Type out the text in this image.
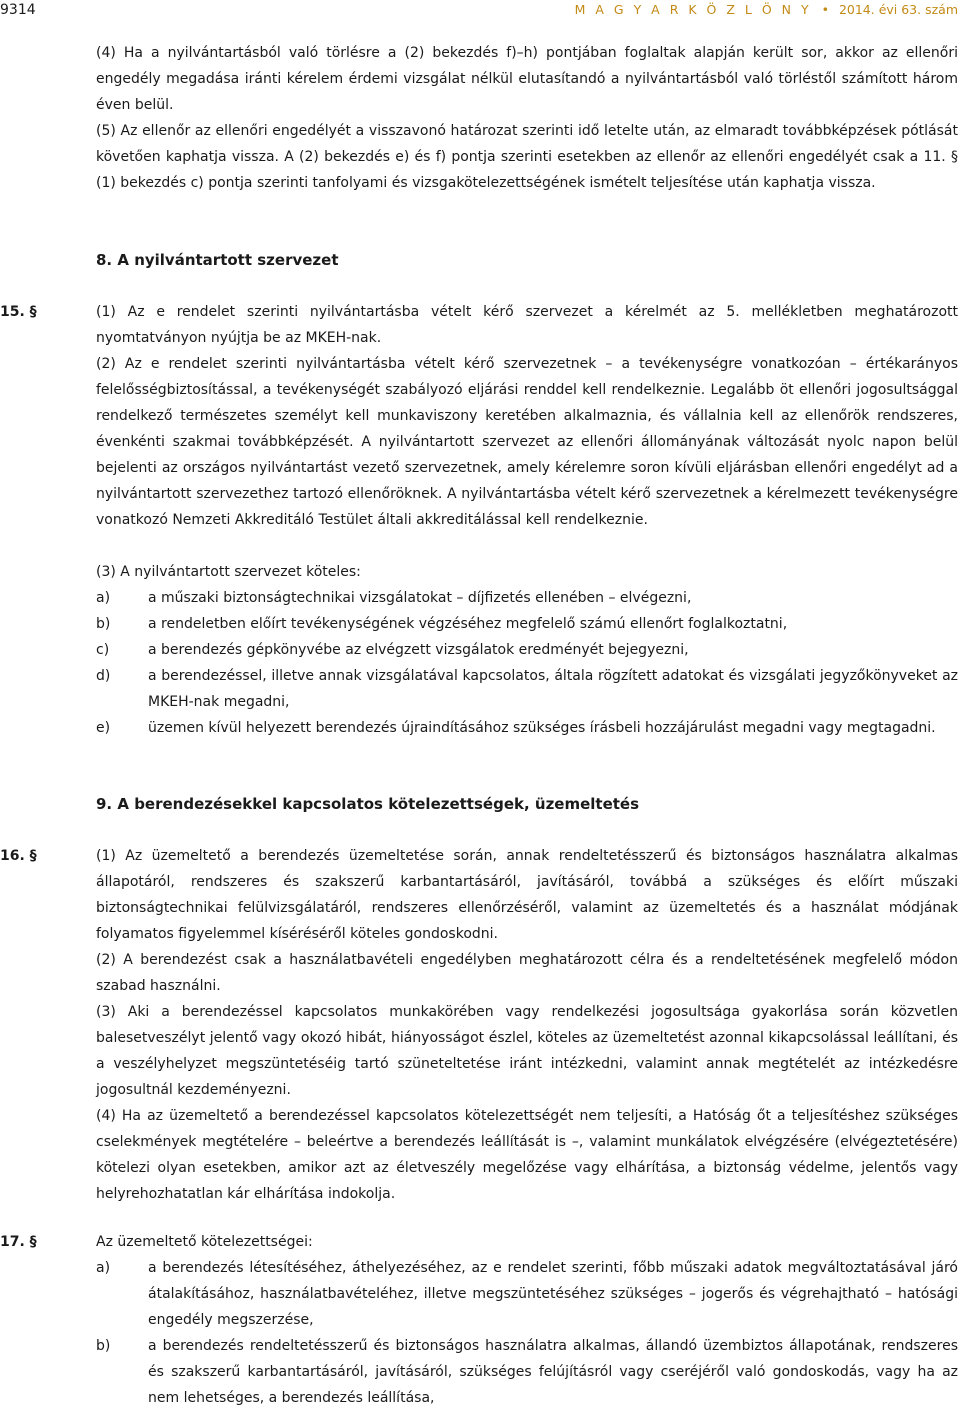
9314	M A G Y A R K Ö Z L Ö N Y • 2014. évi 63. szám

(4) Ha a nyilvántartásból való törlésre a (2) bekezdés f)–h) pontjában foglaltak alapján került sor, akkor az ellenőri engedély megadása iránti kérelem érdemi vizsgálat nélkül elutasítandó a nyilvántartásból való törléstől számított három éven belül.

(5) Az ellenőr az ellenőri engedélyét a visszavonó határozat szerinti idő letelte után, az elmaradt továbbképzések pótlását követően kaphatja vissza. A (2) bekezdés e) és f) pontja szerinti esetekben az ellenőr az ellenőri engedélyét csak a 11. § (1) bekezdés c) pontja szerinti tanfolyami és vizsgakötelezettségének ismételt teljesítése után kaphatja vissza.

8. A nyilvántartott szervezet
15. §	(1) Az e rendelet szerinti nyilvántartásba vételt kérő szervezet a kérelmét az 5. mellékletben meghatározott nyomtatványon nyújtja be az MKEH-nak.

(2) Az e rendelet szerinti nyilvántartásba vételt kérő szervezetnek – a tevékenységre vonatkozóan – értékarányos felelősségbiztosítással, a tevékenységét szabályozó eljárási renddel kell rendelkeznie. Legalább öt ellenőri jogosultsággal rendelkező természetes személyt kell munkaviszony keretében alkalmaznia, és vállalnia kell az ellenőrök rendszeres, évenkénti szakmai továbbképzését. A nyilvántartott szervezet az ellenőri állományának változását nyolc napon belül bejelenti az országos nyilvántartást vezető szervezetnek, amely kérelemre soron kívüli eljárásban ellenőri engedélyt ad a nyilvántartott szervezethez tartozó ellenőröknek. A nyilvántartásba vételt kérő szervezetnek a kérelmezett tevékenységre vonatkozó Nemzeti Akkreditáló Testület általi akkreditálással kell rendelkeznie.

(3) A nyilvántartott szervezet köteles:

a)	a műszaki biztonságtechnikai vizsgálatokat – díjfizetés ellenében – elvégezni,
b)	a rendeletben előírt tevékenységének végzéséhez megfelelő számú ellenőrt foglalkoztatni,
c)	a berendezés gépkönyvébe az elvégzett vizsgálatok eredményét bejegyezni,
d)	a berendezéssel, illetve annak vizsgálatával kapcsolatos, általa rögzített adatokat és vizsgálati jegyzőkönyveket az MKEH-nak megadni,
e)	üzemen kívül helyezett berendezés újraindításához szükséges írásbeli hozzájárulást megadni vagy megtagadni.
9. A berendezésekkel kapcsolatos kötelezettségek, üzemeltetés
16. §	(1) Az üzemeltető a berendezés üzemeltetése során, annak rendeltetésszerű és biztonságos használatra alkalmas állapotáról, rendszeres és szakszerű karbantartásáról, javításáról, továbbá a szükséges és előírt műszaki biztonságtechnikai felülvizsgálatáról, rendszeres ellenőrzéséről, valamint az üzemeltetés és a használat módjának folyamatos figyelemmel kíséréséről köteles gondoskodni.

(2) A berendezést csak a használatbavételi engedélyben meghatározott célra és a rendeltetésének megfelelő módon szabad használni.

(3) Aki a berendezéssel kapcsolatos munkakörében vagy rendelkezési jogosultsága gyakorlása során közvetlen balesetveszélyt jelentő vagy okozó hibát, hiányosságot észlel, köteles az üzemeltetést azonnal kikapcsolással leállítani, és a veszélyhelyzet megszüntetéséig tartó szüneteltetése iránt intézkedni, valamint annak megtételét az intézkedésre jogosultnál kezdeményezni.

(4) Ha az üzemeltető a berendezéssel kapcsolatos kötelezettségét nem teljesíti, a Hatóság őt a teljesítéshez szükséges cselekmények megtételére – beleértve a berendezés leállítását is –, valamint munkálatok elvégzésére (elvégeztetésére) kötelezi olyan esetekben, amikor azt az életveszély megelőzése vagy elhárítása, a biztonság védelme, jelentős vagy helyrehozhatatlan kár elhárítása indokolja.

17. §	Az üzemeltető kötelezettségei:

a)	a berendezés létesítéséhez, áthelyezéséhez, az e rendelet szerinti, főbb műszaki adatok megváltoztatásával járó átalakításához, használatbavételéhez, illetve megszüntetéséhez szükséges – jogerős és végrehajtható – hatósági engedély megszerzése,
b)	a berendezés rendeltetésszerű és biztonságos használatra alkalmas, állandó üzembiztos állapotának, rendszeres és szakszerű karbantartásáról, javításáról, szükséges felújításról vagy cseréjéről való gondoskodás, vagy ha az nem lehetséges, a berendezés leállítása,
